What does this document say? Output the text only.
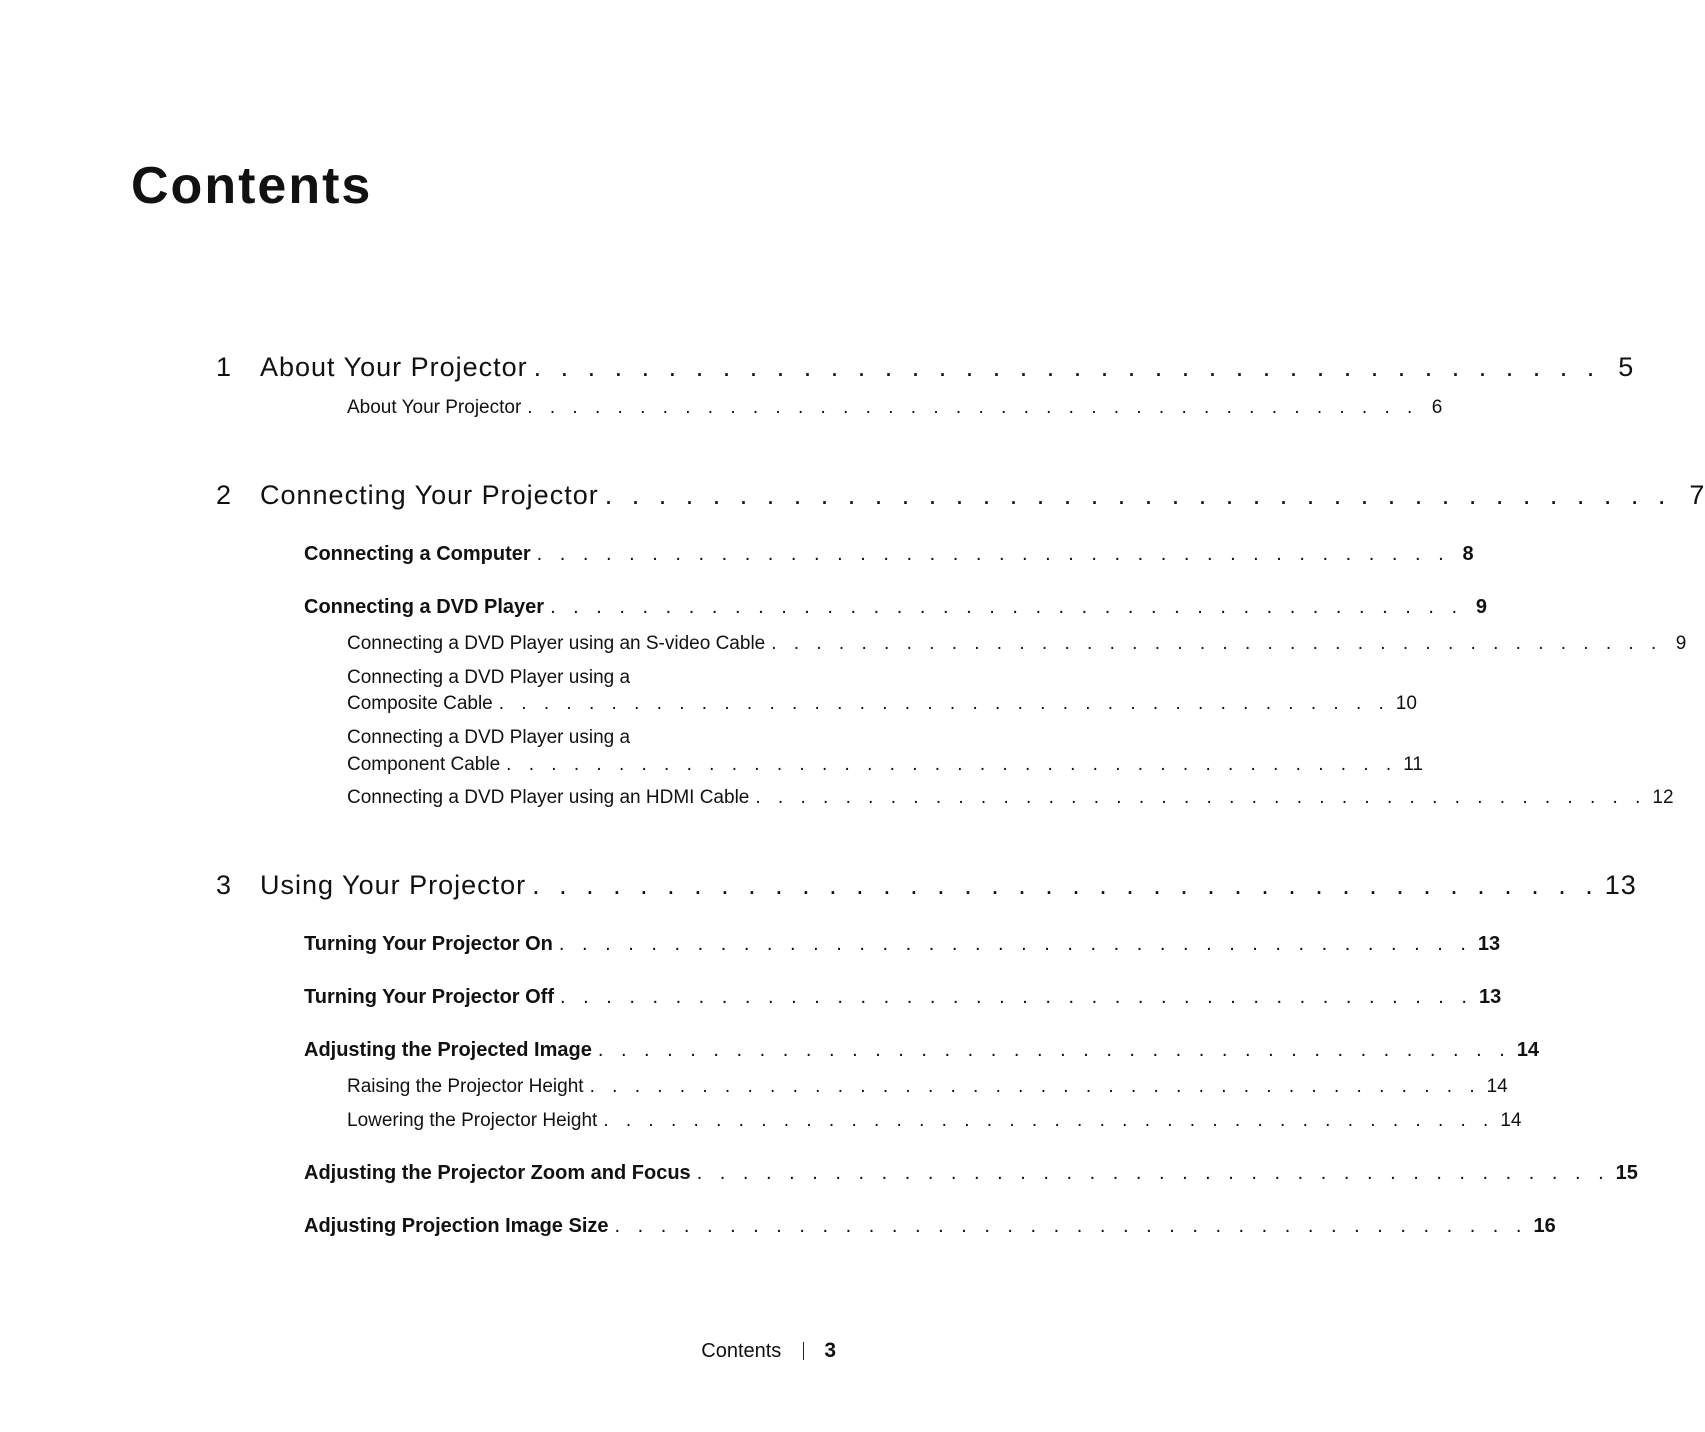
Contents
1	About Your Projector . . . . . . . . . . . . . . . . . . . . . . . . . . . . . . . . . . . . . . . . 5
About Your Projector . . . . . . . . . . . . . . . . . . . . . . . . . . . . . . . . . . . . . . . . 6
2	Connecting Your Projector . . . . . . . . . . . . . . . . . . . . . . . . . . . . . . . . . . . . . . . . 7
Connecting a Computer . . . . . . . . . . . . . . . . . . . . . . . . . . . . . . . . . . . . . . . . 8
Connecting a DVD Player . . . . . . . . . . . . . . . . . . . . . . . . . . . . . . . . . . . . . . . . 9
Connecting a DVD Player using an S-video Cable . . . . . . . . . . . . . . . . . . . . . . . . . . . . . . . . . . . . . . . . 9
Connecting a DVD Player using a
Composite Cable . . . . . . . . . . . . . . . . . . . . . . . . . . . . . . . . . . . . . . . . 10
Connecting a DVD Player using a
Component Cable . . . . . . . . . . . . . . . . . . . . . . . . . . . . . . . . . . . . . . . . 11
Connecting a DVD Player using an HDMI Cable . . . . . . . . . . . . . . . . . . . . . . . . . . . . . . . . . . . . . . . . 12
3	Using Your Projector . . . . . . . . . . . . . . . . . . . . . . . . . . . . . . . . . . . . . . . . 13
Turning Your Projector On . . . . . . . . . . . . . . . . . . . . . . . . . . . . . . . . . . . . . . . . 13
Turning Your Projector Off . . . . . . . . . . . . . . . . . . . . . . . . . . . . . . . . . . . . . . . . 13
Adjusting the Projected Image . . . . . . . . . . . . . . . . . . . . . . . . . . . . . . . . . . . . . . . . 14
Raising the Projector Height . . . . . . . . . . . . . . . . . . . . . . . . . . . . . . . . . . . . . . . . 14
Lowering the Projector Height . . . . . . . . . . . . . . . . . . . . . . . . . . . . . . . . . . . . . . . . 14
Adjusting the Projector Zoom and Focus . . . . . . . . . . . . . . . . . . . . . . . . . . . . . . . . . . . . . . . . 15
Adjusting Projection Image Size . . . . . . . . . . . . . . . . . . . . . . . . . . . . . . . . . . . . . . . . 16
Contents 3
